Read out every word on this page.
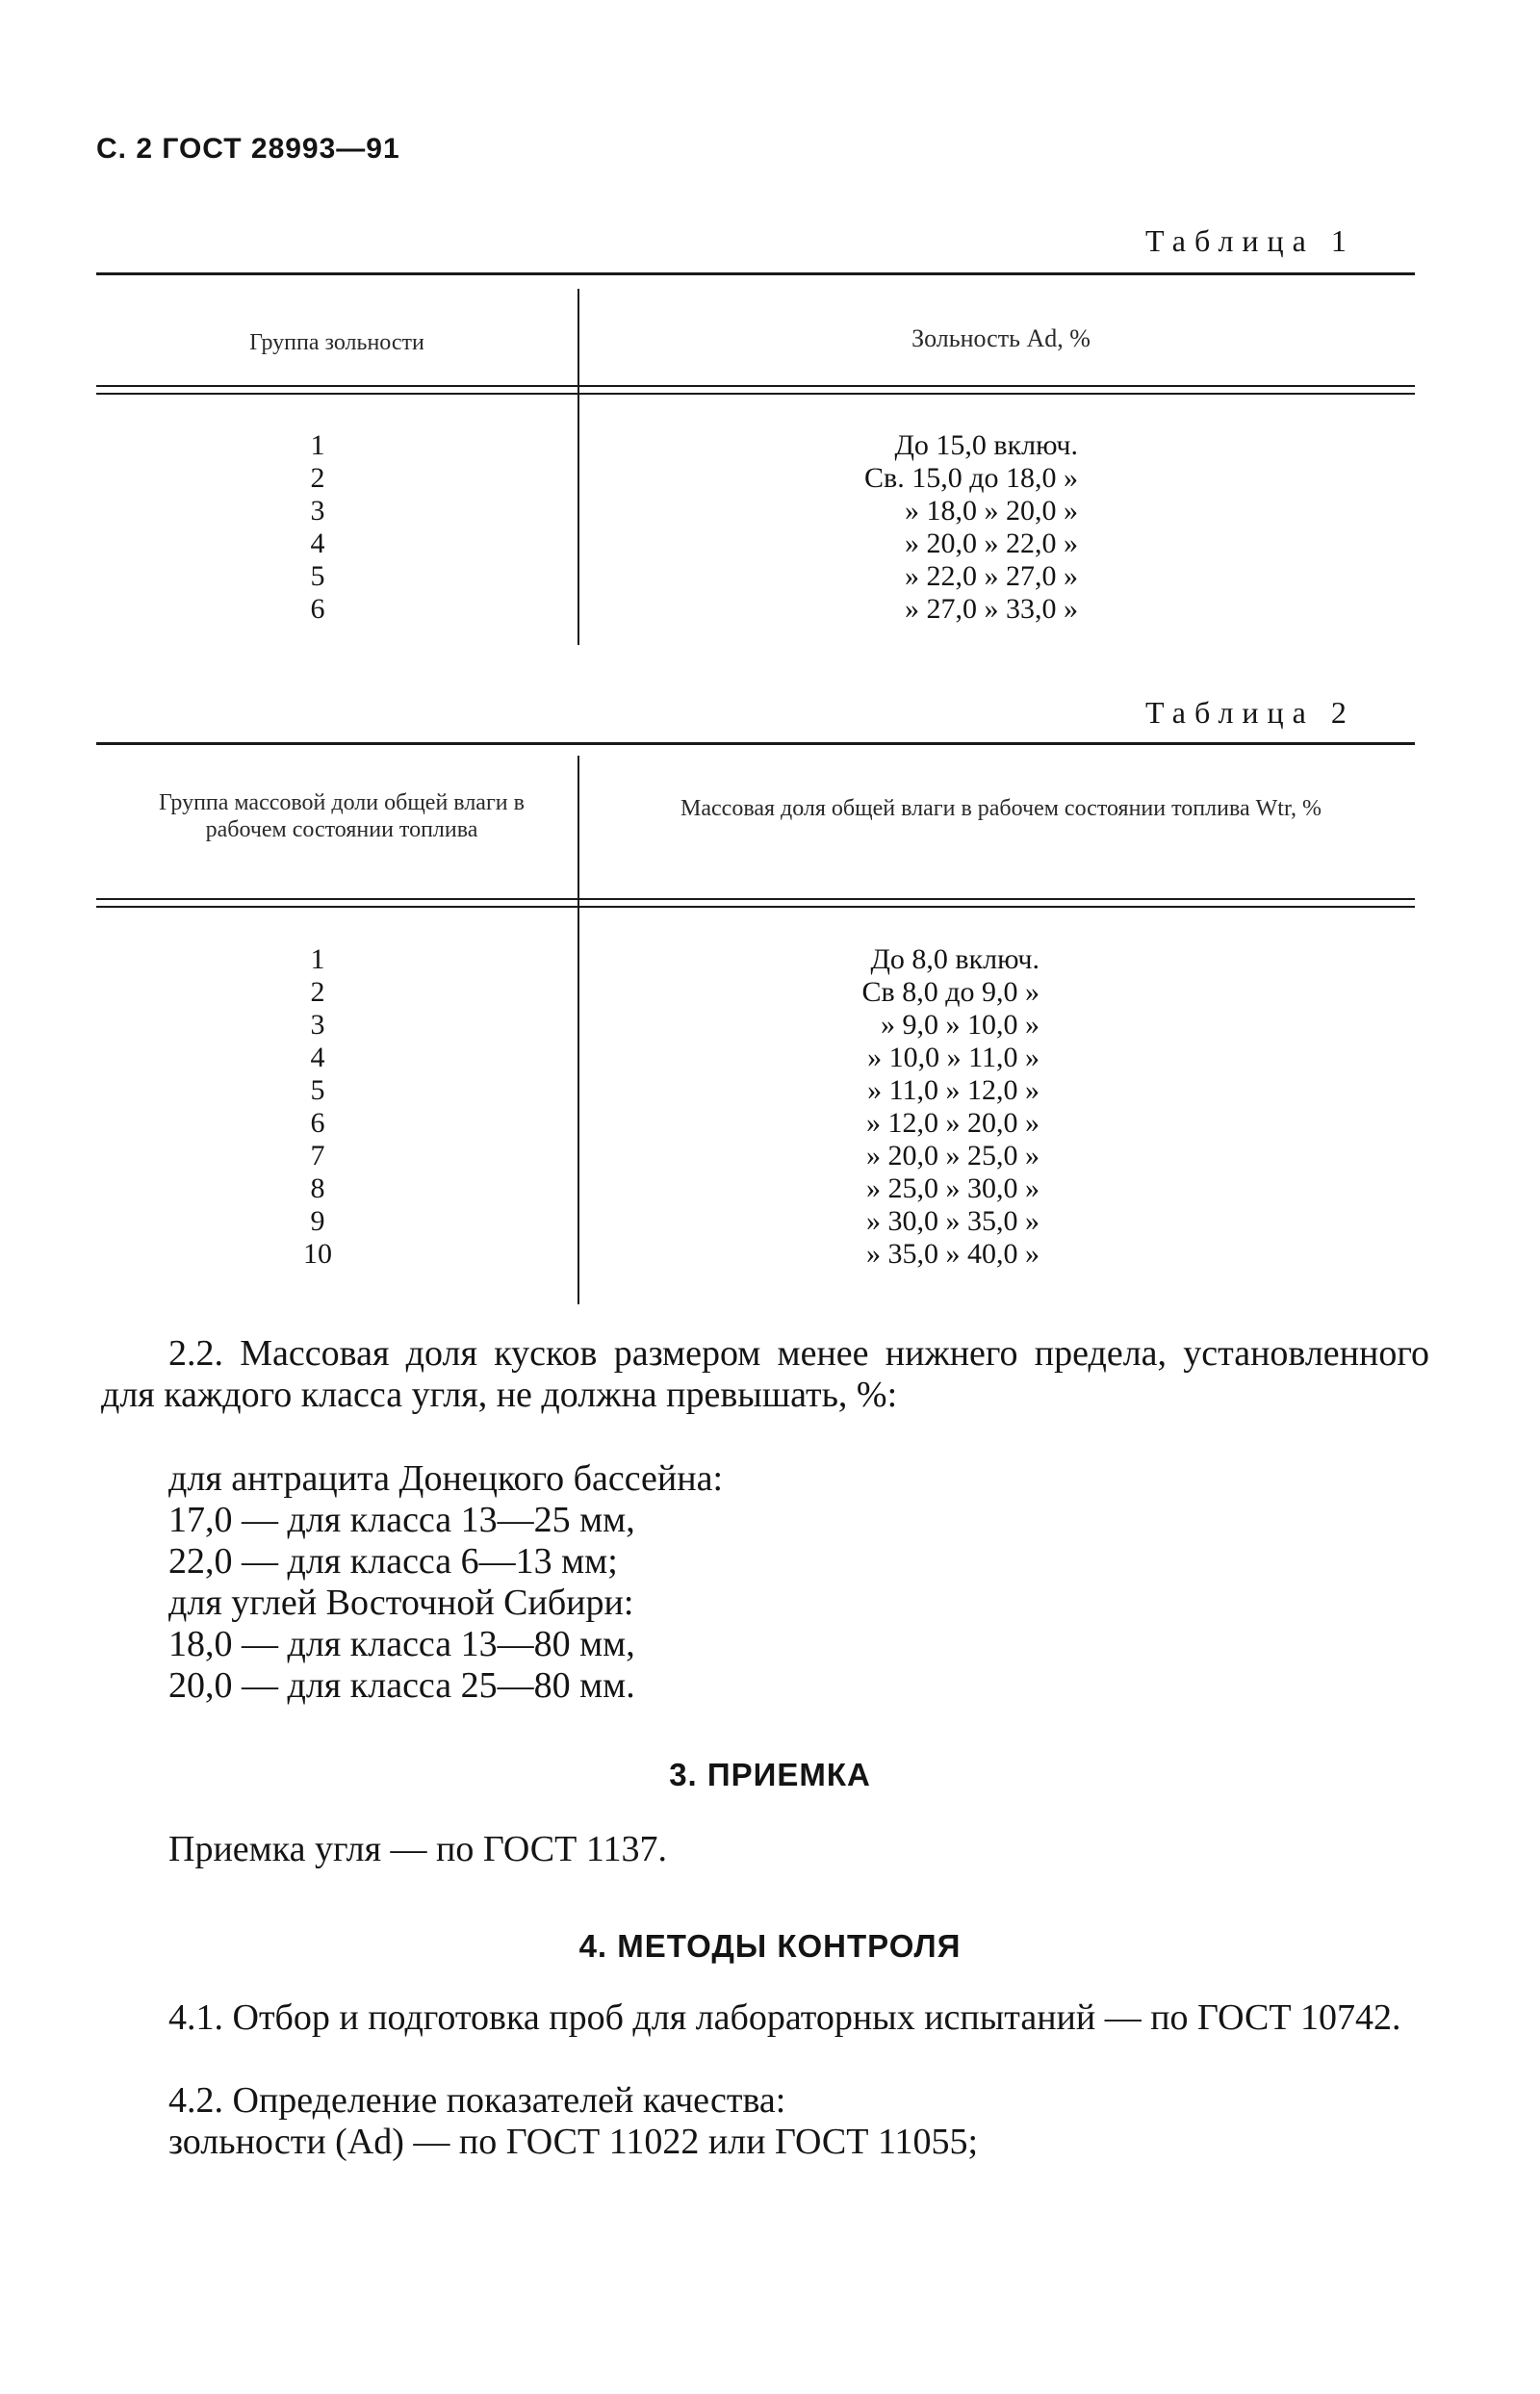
С. 2 ГОСТ 28993—91
Таблица 1
Группа зольности	Зольность Ad, %
1
2
3
4
5
6
До 15,0 включ.
Св. 15,0 до 18,0 »
» 18,0 » 20,0 »
» 20,0 » 22,0 »
» 22,0 » 27,0 »
» 27,0 » 33,0 »
Таблица 2
Группа массовой доли общей влаги в рабочем состоянии топлива
Массовая доля общей влаги в рабочем состоянии топлива Wtr, %
1
2
3
4
5
6
7
8
9
10
До 8,0 включ.
Св 8,0 до 9,0 »
» 9,0 » 10,0 »
» 10,0 » 11,0 »
» 11,0 » 12,0 »
» 12,0 » 20,0 »
» 20,0 » 25,0 »
» 25,0 » 30,0 »
» 30,0 » 35,0 »
» 35,0 » 40,0 »
2.2. Массовая доля кусков размером менее нижнего предела, установленного для каждого класса угля, не должна превышать, %:
для антрацита Донецкого бассейна:
17,0 — для класса 13—25 мм,
22,0 — для класса 6—13 мм;
для углей Восточной Сибири:
18,0 — для класса 13—80 мм,
20,0 — для класса 25—80 мм.
3. ПРИЕМКА
Приемка угля — по ГОСТ 1137.
4. МЕТОДЫ КОНТРОЛЯ
4.1. Отбор и подготовка проб для лабораторных испытаний — по ГОСТ 10742.
4.2. Определение показателей качества:
зольности (Ad) — по ГОСТ 11022 или ГОСТ 11055;
